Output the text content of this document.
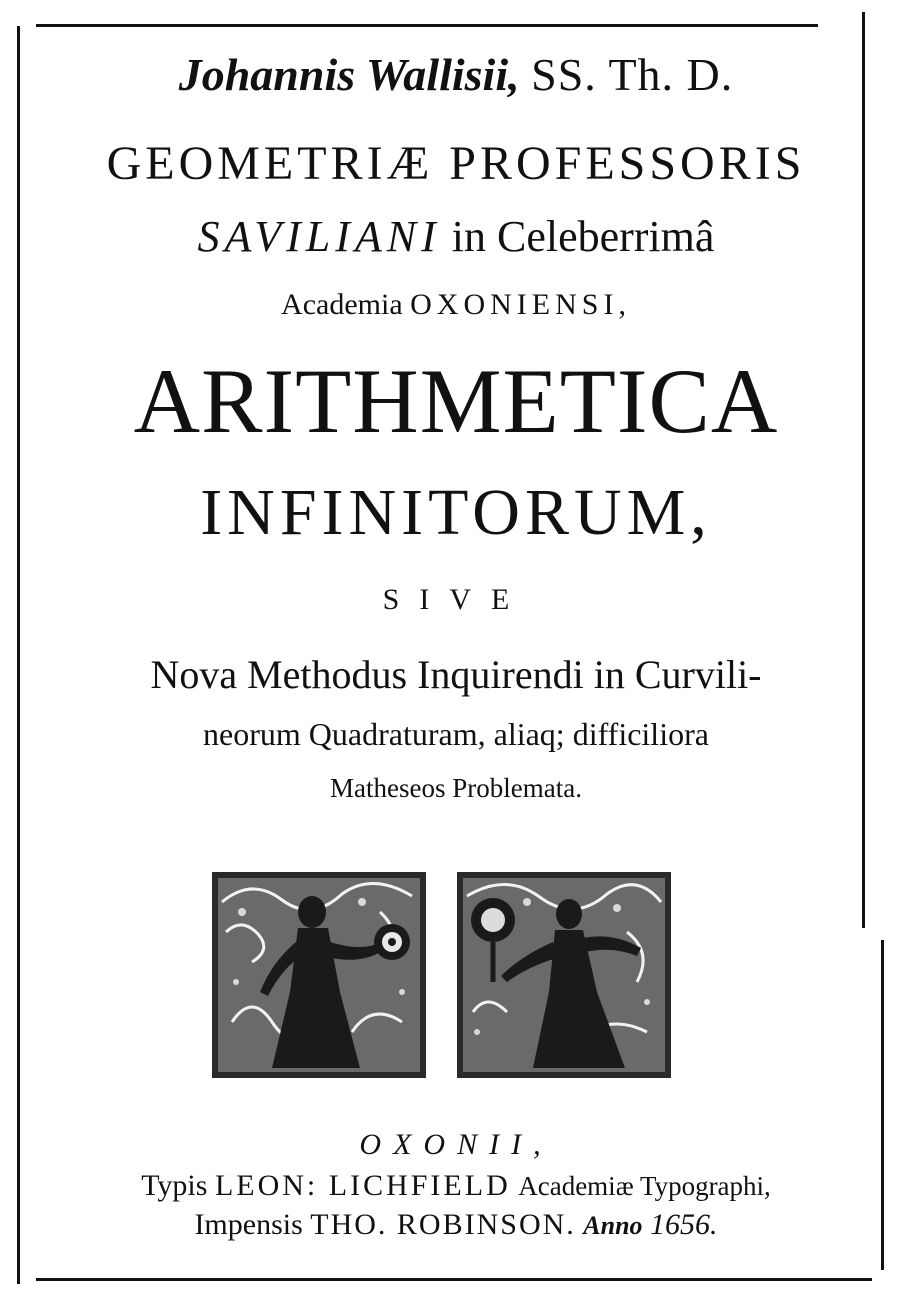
Johannis Wallisii, SS. Th. D.
GEOMETRIÆ PROFESSORIS
SAVILIANI in Celeberrimâ
Academia OXONIENSI,
ARITHMETICA
INFINITORUM,
SIVE
Nova Methodus Inquirendi in Curvili-
neorum Quadraturam, aliaq; difficiliora
Matheseos Problemata.
OXONII,
Typis LEON: LICHFIELD Academiæ Typographi,
Impensis THO. ROBINSON. Anno 1656.
